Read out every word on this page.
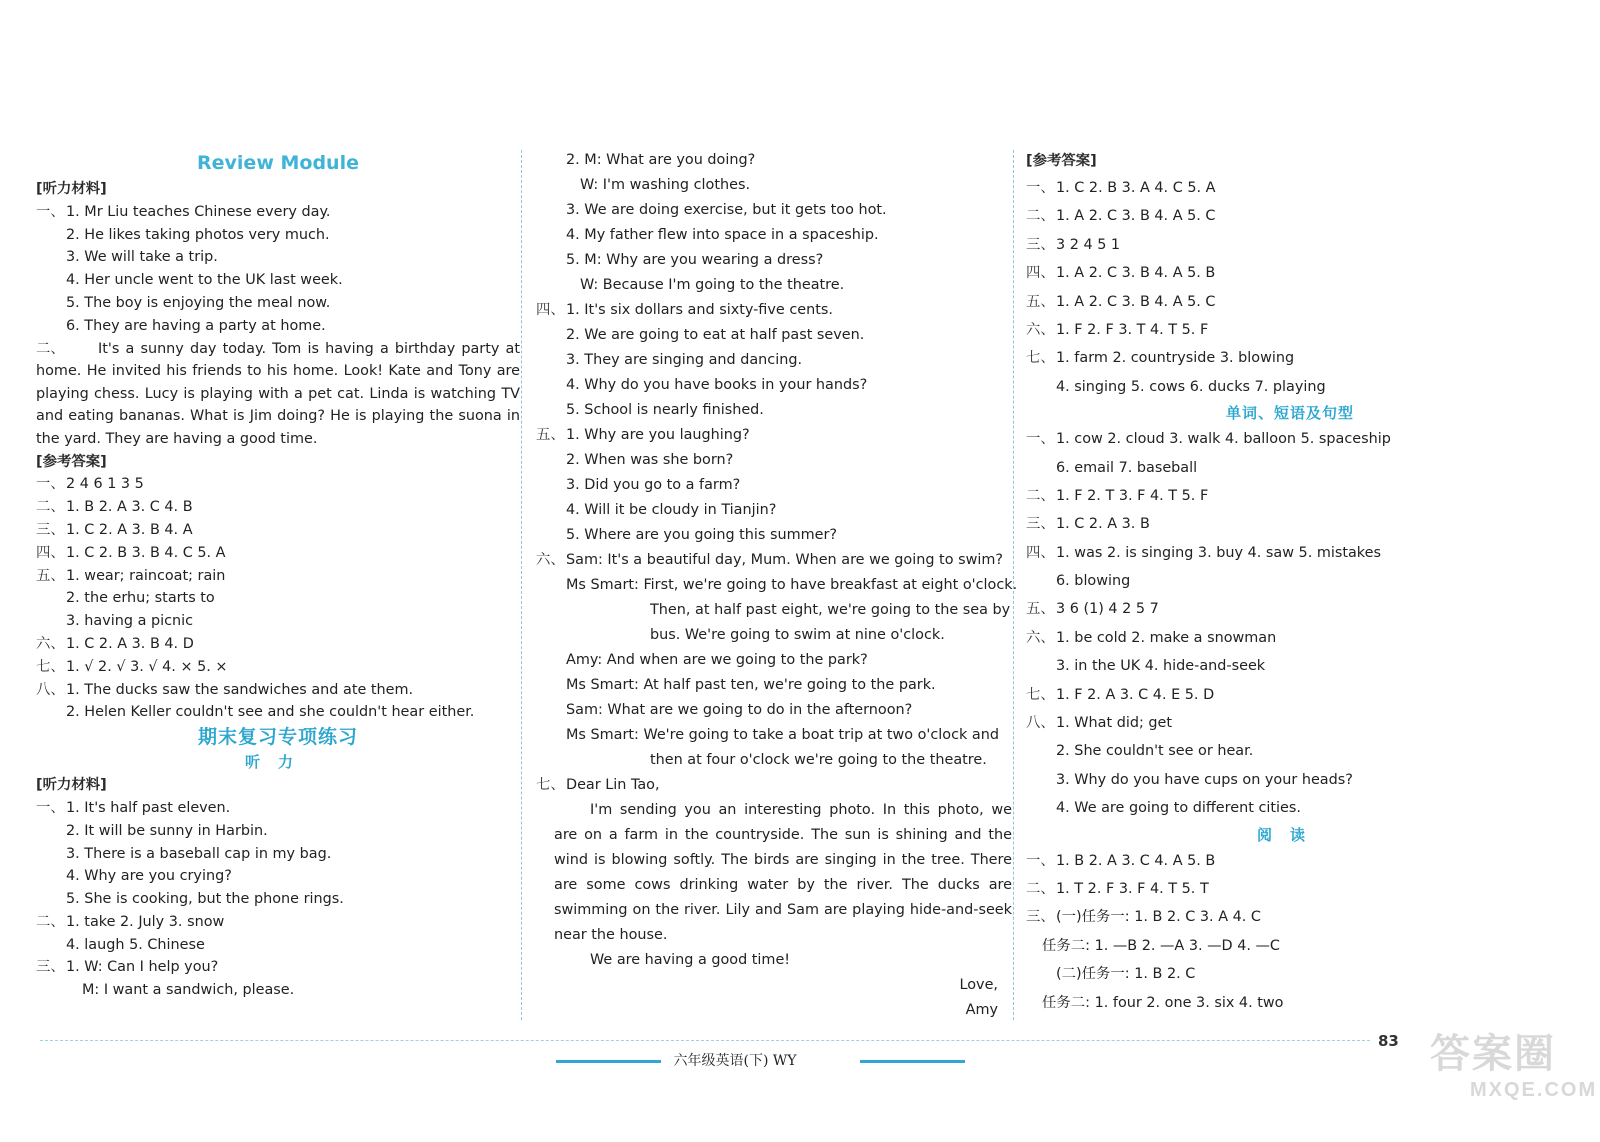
Review Module
[ 听力材料 ]
一、1. Mr Liu teaches Chinese every day.
2. He likes taking photos very much.
3. We will take a trip.
4. Her uncle went to the UK last week.
5. The boy is enjoying the meal now.
6. They are having a party at home.
二、 It's a sunny day today. Tom is having a birthday party at home. He invited his friends to his home. Look! Kate and Tony are playing chess. Lucy is playing with a pet cat. Linda is watching TV and eating bananas. What is Jim doing? He is playing the suona in the yard. They are having a good time.
[ 参考答案 ]
一、2 4 6 1 3 5
二、1. B 2. A 3. C 4. B
三、1. C 2. A 3. B 4. A
四、1. C 2. B 3. B 4. C 5. A
五、1. wear; raincoat; rain
2. the erhu; starts to
3. having a picnic
六、1. C 2. A 3. B 4. D
七、1. √ 2. √ 3. √ 4. × 5. ×
八、1. The ducks saw the sandwiches and ate them.
2. Helen Keller couldn't see and she couldn't hear either.
期末复习专项练习
听力
[ 听力材料 ]
一、1. It's half past eleven.
2. It will be sunny in Harbin.
3. There is a baseball cap in my bag.
4. Why are you crying?
5. She is cooking, but the phone rings.
二、1. take 2. July 3. snow
4. laugh 5. Chinese
三、1. W: Can I help you?
M: I want a sandwich, please.
2. M: What are you doing?
W: I'm washing clothes.
3. We are doing exercise, but it gets too hot.
4. My father flew into space in a spaceship.
5. M: Why are you wearing a dress?
W: Because I'm going to the theatre.
四、1. It's six dollars and sixty-five cents.
2. We are going to eat at half past seven.
3. They are singing and dancing.
4. Why do you have books in your hands?
5. School is nearly finished.
五、1. Why are you laughing?
2. When was she born?
3. Did you go to a farm?
4. Will it be cloudy in Tianjin?
5. Where are you going this summer?
六、Sam: It's a beautiful day, Mum. When are we going to swim?
Ms Smart: First, we're going to have breakfast at eight o'clock.
Then, at half past eight, we're going to the sea by
bus. We're going to swim at nine o'clock.
Amy: And when are we going to the park?
Ms Smart: At half past ten, we're going to the park.
Sam: What are we going to do in the afternoon?
Ms Smart: We're going to take a boat trip at two o'clock and
then at four o'clock we're going to the theatre.
七、Dear Lin Tao,
I'm sending you an interesting photo. In this photo, we are on a farm in the countryside. The sun is shining and the wind is blowing softly. The birds are singing in the tree. There are some cows drinking water by the river. The ducks are swimming on the river. Lily and Sam are playing hide-and-seek near the house.
We are having a good time!
Love,
Amy
[ 参考答案 ]
一、1. C 2. B 3. A 4. C 5. A
二、1. A 2. C 3. B 4. A 5. C
三、3 2 4 5 1
四、1. A 2. C 3. B 4. A 5. B
五、1. A 2. C 3. B 4. A 5. C
六、1. F 2. F 3. T 4. T 5. F
七、1. farm 2. countryside 3. blowing
4. singing 5. cows 6. ducks 7. playing
单词、短语及句型
一、1. cow 2. cloud 3. walk 4. balloon 5. spaceship
6. email 7. baseball
二、1. F 2. T 3. F 4. T 5. F
三、1. C 2. A 3. B
四、1. was 2. is singing 3. buy 4. saw 5. mistakes
6. blowing
五、3 6 (1) 4 2 5 7
六、1. be cold 2. make a snowman
3. in the UK 4. hide-and-seek
七、1. F 2. A 3. C 4. E 5. D
八、1. What did; get
2. She couldn't see or hear.
3. Why do you have cups on your heads?
4. We are going to different cities.
阅读
一、1. B 2. A 3. C 4. A 5. B
二、1. T 2. F 3. F 4. T 5. T
三、(一)任务一: 1. B 2. C 3. A 4. C
任务二: 1. —B 2. —A 3. —D 4. —C
(二)任务一: 1. B 2. C
任务二: 1. four 2. one 3. six 4. two
六年级英语(下) WY
83 答案圈
MXQE.COM
